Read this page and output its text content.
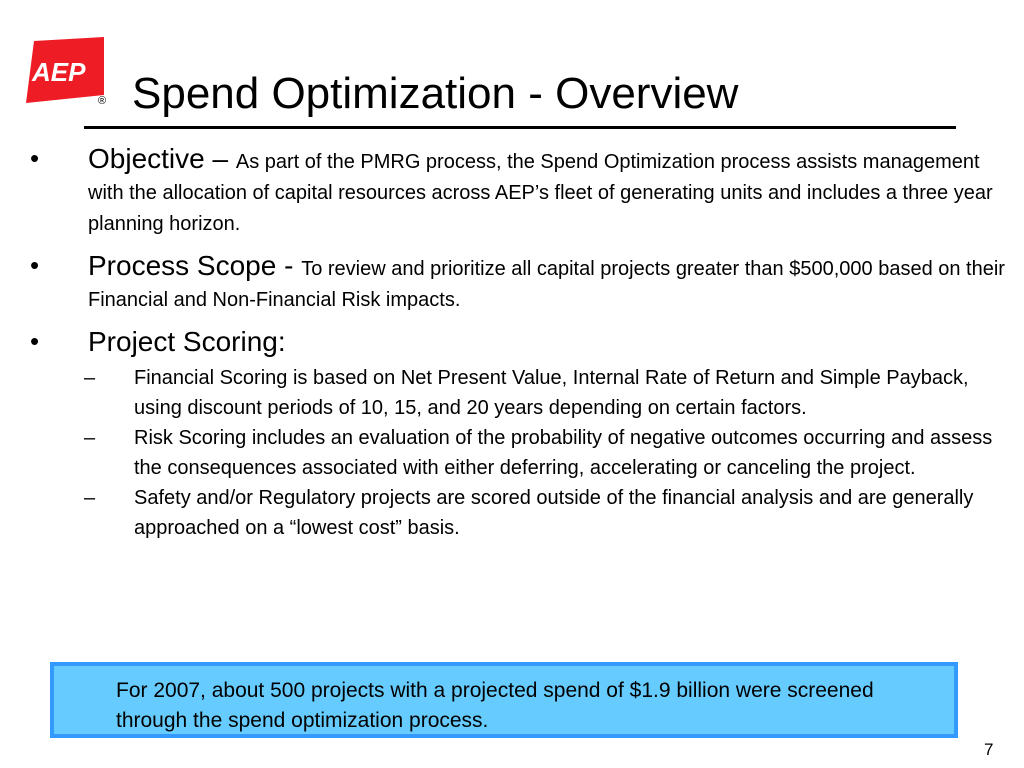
AEP
® Spend Optimization - Overview
• Objective – As part of the PMRG process, the Spend Optimization process assists management with the allocation of capital resources across AEP’s fleet of generating units and includes a three year planning horizon.
• Process Scope - To review and prioritize all capital projects greater than $500,000 based on their Financial and Non-Financial Risk impacts.
• Project Scoring:
– Financial Scoring is based on Net Present Value, Internal Rate of Return and Simple Payback, using discount periods of 10, 15, and 20 years depending on certain factors.
– Risk Scoring includes an evaluation of the probability of negative outcomes occurring and assess the consequences associated with either deferring, accelerating or canceling the project.
– Safety and/or Regulatory projects are scored outside of the financial analysis and are generally approached on a “lowest cost” basis.
For 2007, about 500 projects with a projected spend of $1.9 billion were screened through the spend optimization process.
7
